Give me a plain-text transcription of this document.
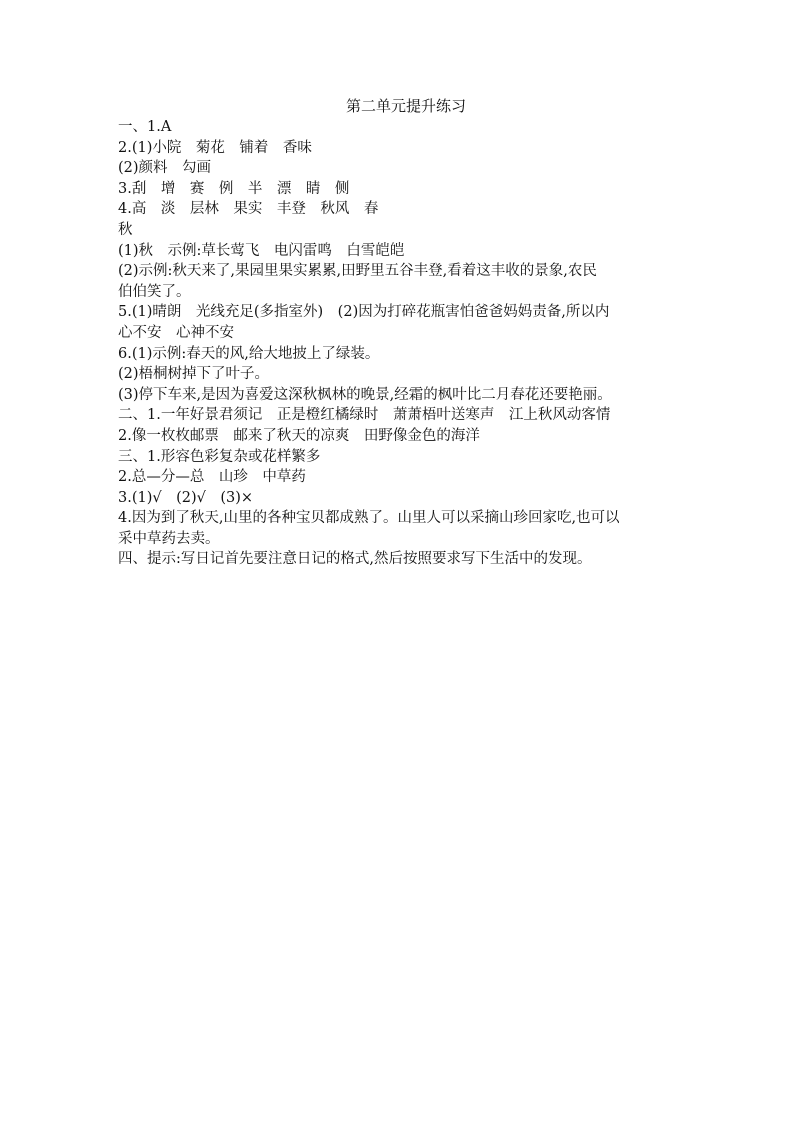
第二单元提升练习
一、1.A
2.(1)小院　菊花　铺着　香味
(2)颜料　勾画
3.刮　增　赛　例　半　漂　睛　侧
4.高　淡　层林　果实　丰登　秋风　春
秋
(1)秋　示例:草长莺飞　电闪雷鸣　白雪皑皑
(2)示例:秋天来了,果园里果实累累,田野里五谷丰登,看着这丰收的景象,农民
伯伯笑了。
5.(1)晴朗　光线充足(多指室外)　(2)因为打碎花瓶害怕爸爸妈妈责备,所以内
心不安　心神不安
6.(1)示例:春天的风,给大地披上了绿装。
(2)梧桐树掉下了叶子。
(3)停下车来,是因为喜爱这深秋枫林的晚景,经霜的枫叶比二月春花还要艳丽。
二、1.一年好景君须记　正是橙红橘绿时　萧萧梧叶送寒声　江上秋风动客情
2.像一枚枚邮票　邮来了秋天的凉爽　田野像金色的海洋
三、1.形容色彩复杂或花样繁多
2.总—分—总　山珍　中草药
3.(1)√　(2)√　(3)×
4.因为到了秋天,山里的各种宝贝都成熟了。山里人可以采摘山珍回家吃,也可以
采中草药去卖。
四、提示:写日记首先要注意日记的格式,然后按照要求写下生活中的发现。
